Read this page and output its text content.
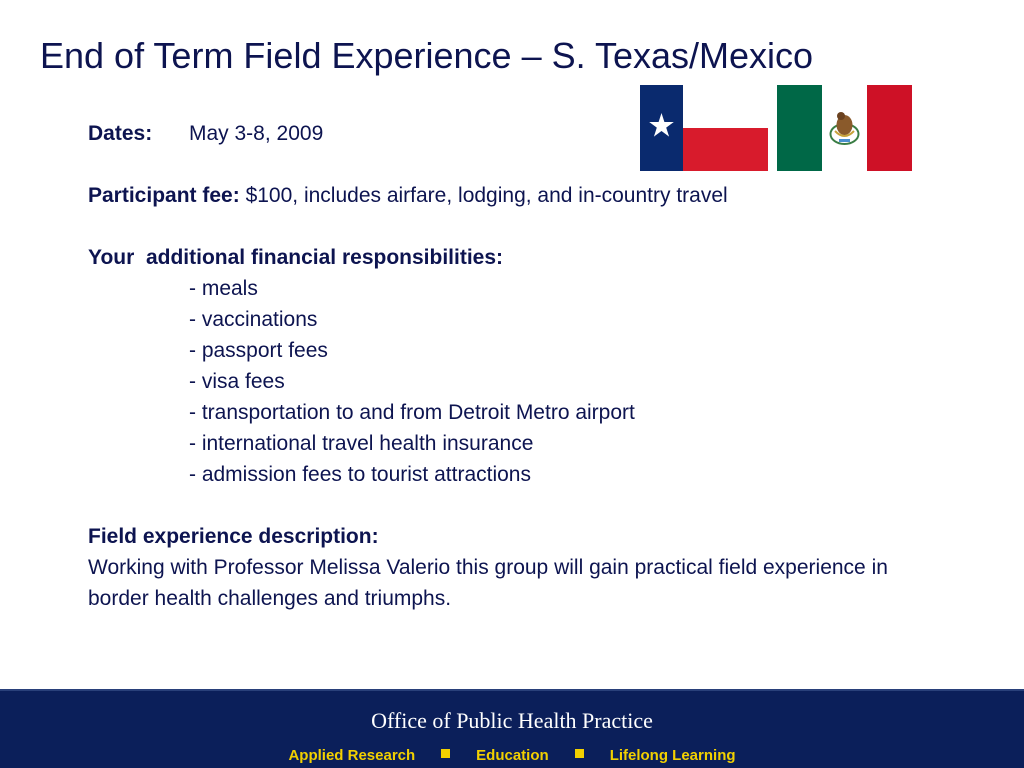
End of Term Field Experience – S. Texas/Mexico

Dates: May 3-8, 2009

Participant fee: $100, includes airfare, lodging, and in-country travel

Your  additional financial responsibilities:

- meals

- vaccinations

- passport fees

- visa fees

- transportation to and from Detroit Metro airport

- international travel health insurance

- admission fees to tourist attractions

Field experience description:

Working with Professor Melissa Valerio this group will gain practical field experience in border health challenges and triumphs.

Office of Public Health Practice

Applied Research	Education	Lifelong Learning
